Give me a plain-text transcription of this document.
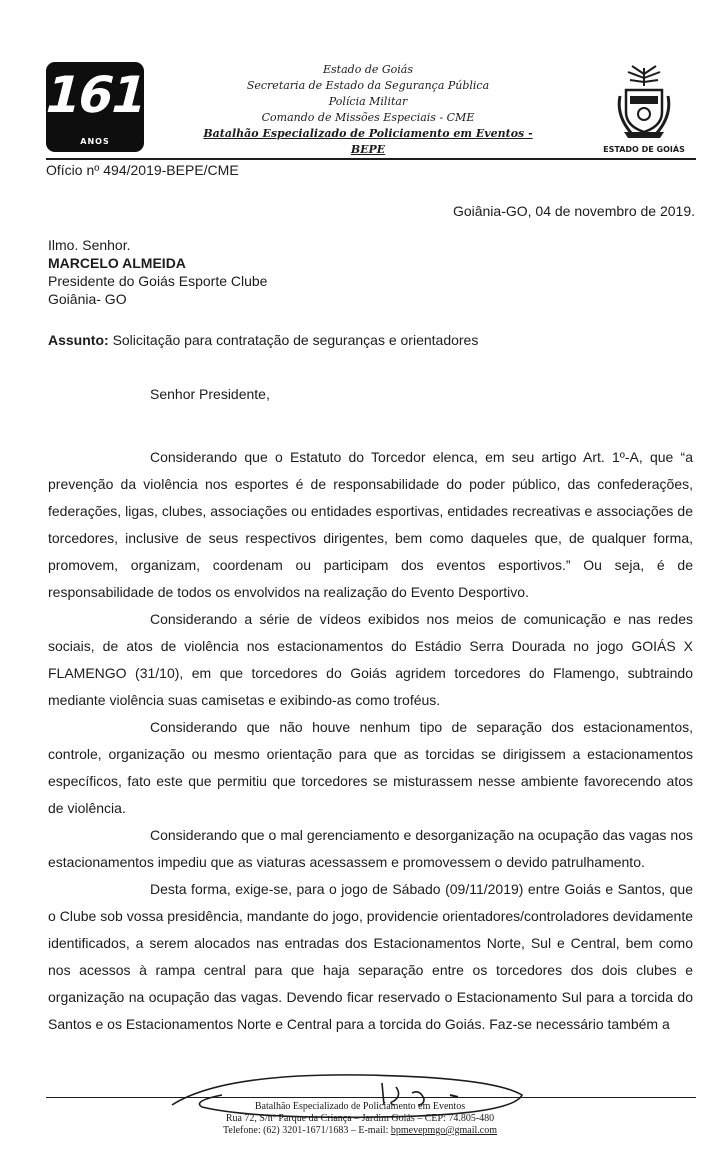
161
ANOS
Estado de Goiás
Secretaria de Estado da Segurança Pública
Polícia Militar
Comando de Missões Especiais - CME
Batalhão Especializado de Policiamento em Eventos - BEPE	ESTADO DE GOIÁS
Ofício nº 494/2019-BEPE/CME
Goiânia-GO, 04 de novembro de 2019.
Ilmo. Senhor.
MARCELO ALMEIDA
Presidente do Goiás Esporte Clube
Goiânia- GO
Assunto: Solicitação para contratação de seguranças e orientadores
Senhor Presidente,

Considerando que o Estatuto do Torcedor elenca, em seu artigo Art. 1º-A, que “a prevenção da violência nos esportes é de responsabilidade do poder público, das confederações, federações, ligas, clubes, associações ou entidades esportivas, entidades recreativas e associações de torcedores, inclusive de seus respectivos dirigentes, bem como daqueles que, de qualquer forma, promovem, organizam, coordenam ou participam dos eventos esportivos.” Ou seja, é de responsabilidade de todos os envolvidos na realização do Evento Desportivo.

Considerando a série de vídeos exibidos nos meios de comunicação e nas redes sociais, de atos de violência nos estacionamentos do Estádio Serra Dourada no jogo GOIÁS X FLAMENGO (31/10), em que torcedores do Goiás agridem torcedores do Flamengo, subtraindo mediante violência suas camisetas e exibindo-as como troféus.

Considerando que não houve nenhum tipo de separação dos estacionamentos, controle, organização ou mesmo orientação para que as torcidas se dirigissem a estacionamentos específicos, fato este que permitiu que torcedores se misturassem nesse ambiente favorecendo atos de violência.

Considerando que o mal gerenciamento e desorganização na ocupação das vagas nos estacionamentos impediu que as viaturas acessassem e promovessem o devido patrulhamento.

Desta forma, exige-se, para o jogo de Sábado (09/11/2019) entre Goiás e Santos, que o Clube sob vossa presidência, mandante do jogo, providencie orientadores/controladores devidamente identificados, a serem alocados nas entradas dos Estacionamentos Norte, Sul e Central, bem como nos acessos à rampa central para que haja separação entre os torcedores dos dois clubes e organização na ocupação das vagas. Devendo ficar reservado o Estacionamento Sul para a torcida do Santos e os Estacionamentos Norte e Central para a torcida do Goiás. Faz-se necessário também a

Batalhão Especializado de Policiamento em Eventos
Rua 72, S/nº Parque da Criança – Jardim Goiás – CEP: 74.805-480
Telefone: (62) 3201-1671/1683 – E-mail: bpmevepmgo@gmail.com
